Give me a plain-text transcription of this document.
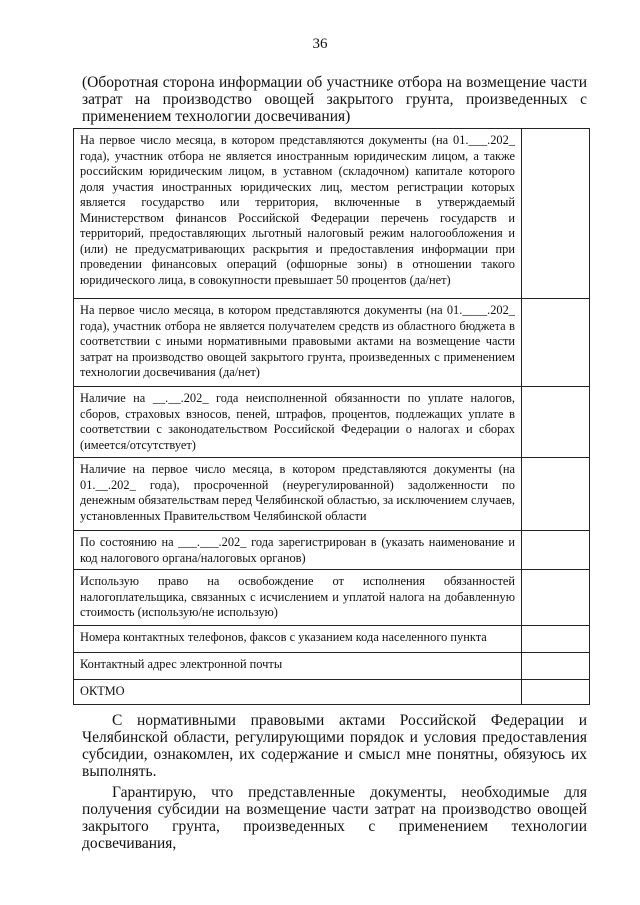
36
(Оборотная сторона информации об участнике отбора на возмещение части затрат на производство овощей закрытого грунта, произведенных с применением технологии досвечивания)
На первое число месяца, в котором представляются документы (на 01.___.202_ года), участник отбора не является иностранным юридическим лицом, а также российским юридическим лицом, в уставном (складочном) капитале которого доля участия иностранных юридических лиц, местом регистрации которых является государство или территория, включенные в утверждаемый Министерством финансов Российской Федерации перечень государств и территорий, предоставляющих льготный налоговый режим налогообложения и (или) не предусматривающих раскрытия и предоставления информации при проведении финансовых операций (офшорные зоны) в отношении такого юридического лица, в совокупности превышает 50 процентов (да/нет)	
На первое число месяца, в котором представляются документы (на 01.____.202_ года), участник отбора не является получателем средств из областного бюджета в соответствии с иными нормативными правовыми актами на возмещение части затрат на производство овощей закрытого грунта, произведенных с применением технологии досвечивания (да/нет)	
Наличие на __.__.202_ года неисполненной обязанности по уплате налогов, сборов, страховых взносов, пеней, штрафов, процентов, подлежащих уплате в соответствии с законодательством Российской Федерации о налогах и сборах (имеется/отсутствует)	
Наличие на первое число месяца, в котором представляются документы (на 01.__.202_ года), просроченной (неурегулированной) задолженности по денежным обязательствам перед Челябинской областью, за исключением случаев, установленных Правительством Челябинской области	
По состоянию на ___.___.202_ года зарегистрирован в (указать наименование и код налогового органа/налоговых органов)	
Использую право на освобождение от исполнения обязанностей налогоплательщика, связанных с исчислением и уплатой налога на добавленную стоимость (использую/не использую)	
Номера контактных телефонов, факсов с указанием кода населенного пункта	
Контактный адрес электронной почты	
ОКТМО	

С нормативными правовыми актами Российской Федерации и Челябинской области, регулирующими порядок и условия предоставления субсидии, ознакомлен, их содержание и смысл мне понятны, обязуюсь их выполнять.

Гарантирую, что представленные документы, необходимые для получения субсидии на возмещение части затрат на производство овощей закрытого грунта, произведенных с применением технологии досвечивания,
